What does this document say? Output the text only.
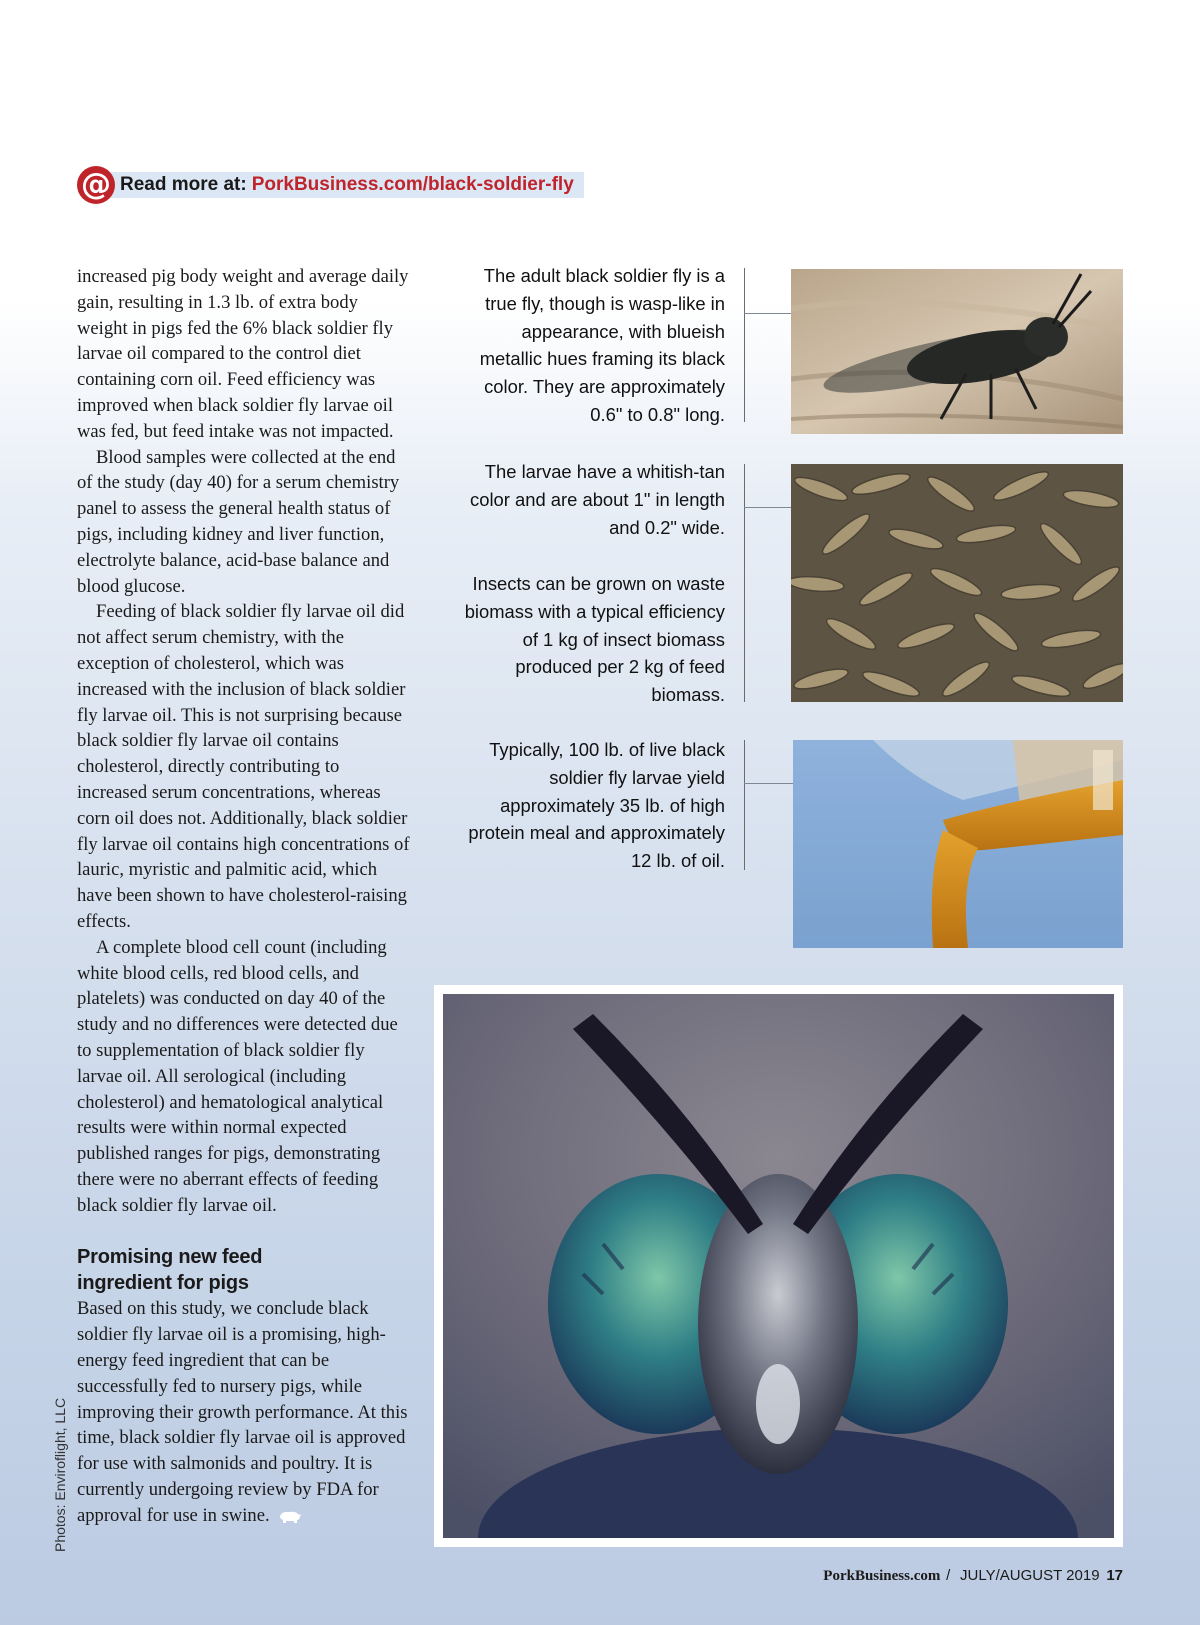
@ Read more at: PorkBusiness.com/black-soldier-fly

increased pig body weight and average daily gain, resulting in 1.3 lb. of extra body weight in pigs fed the 6% black soldier fly larvae oil compared to the control diet containing corn oil. Feed efficiency was improved when black soldier fly larvae oil was fed, but feed intake was not impacted.

Blood samples were collected at the end of the study (day 40) for a serum chemistry panel to assess the general health status of pigs, including kidney and liver function, electrolyte balance, acid-base balance and blood glucose.

Feeding of black soldier fly larvae oil did not affect serum chemistry, with the exception of cholesterol, which was increased with the inclusion of black soldier fly larvae oil. This is not surprising because black soldier fly larvae oil contains cholesterol, directly contributing to increased serum concentrations, whereas corn oil does not. Additionally, black soldier fly larvae oil contains high concentrations of lauric, myristic and palmitic acid, which have been shown to have cholesterol-raising effects.

A complete blood cell count (including white blood cells, red blood cells, and platelets) was conducted on day 40 of the study and no differences were detected due to supplementation of black soldier fly larvae oil. All serological (including cholesterol) and hematological analytical results were within normal expected published ranges for pigs, demonstrating there were no aberrant effects of feeding black soldier fly larvae oil.

Promising new feed
ingredient for pigs

Based on this study, we conclude black soldier fly larvae oil is a promising, high-energy feed ingredient that can be successfully fed to nursery pigs, while improving their growth performance. At this time, black soldier fly larvae oil is approved for use with salmonids and poultry. It is currently undergoing review by FDA for approval for use in swine.

The adult black soldier fly is a true fly, though is wasp-like in appearance, with blueish metallic hues framing its black color. They are approximately 0.6" to 0.8" long.
The larvae have a whitish-tan color and are about 1" in length and 0.2" wide.
Insects can be grown on waste biomass with a typical efficiency of 1 kg of insect biomass produced per 2 kg of feed biomass.
Typically, 100 lb. of live black soldier fly larvae yield approximately 35 lb. of high protein meal and approximately 12 lb. of oil.
Photos: Enviroflight, LLC
PorkBusiness.com / JULY/AUGUST 2019 17
